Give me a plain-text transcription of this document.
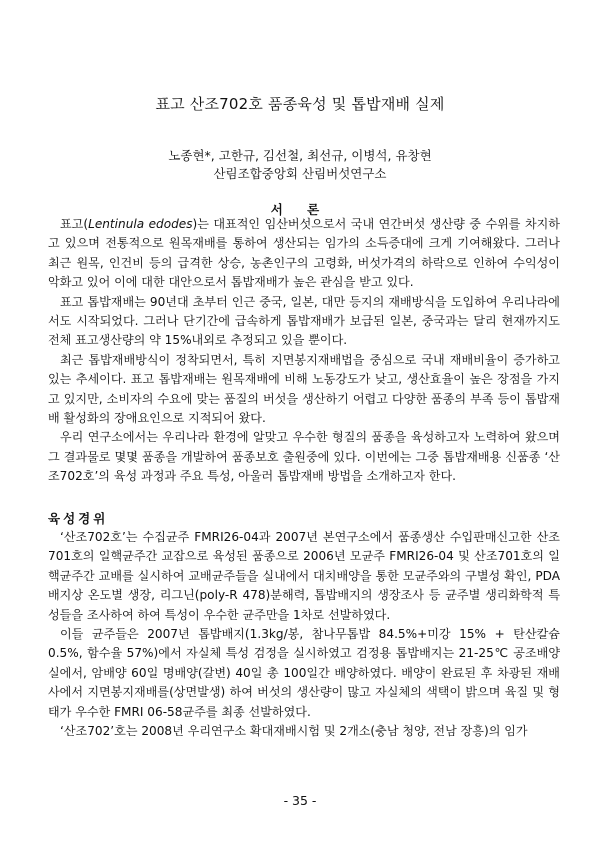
표고 산조702호 품종육성 및 톱밥재배 실제
노종현*, 고한규, 김선철, 최선규, 이병석, 유창현
산림조합중앙회 산림버섯연구소
서 론

표고(Lentinula edodes)는 대표적인 임산버섯으로서 국내 연간버섯 생산량 중 수위를 차지하고 있으며 전통적으로 원목재배를 통하여 생산되는 임가의 소득증대에 크게 기여해왔다. 그러나 최근 원목, 인건비 등의 급격한 상승, 농촌인구의 고령화, 버섯가격의 하락으로 인하여 수익성이 악화고 있어 이에 대한 대안으로서 톱밥재배가 높은 관심을 받고 있다.

표고 톱밥재배는 90년대 초부터 인근 중국, 일본, 대만 등지의 재배방식을 도입하여 우리나라에서도 시작되었다. 그러나 단기간에 급속하게 톱밥재배가 보급된 일본, 중국과는 달리 현재까지도 전체 표고생산량의 약 15%내외로 추정되고 있을 뿐이다.

최근 톱밥재배방식이 정착되면서, 특히 지면봉지재배법을 중심으로 국내 재배비율이 증가하고 있는 추세이다. 표고 톱밥재배는 원목재배에 비해 노동강도가 낮고, 생산효율이 높은 장점을 가지고 있지만, 소비자의 수요에 맞는 품질의 버섯을 생산하기 어렵고 다양한 품종의 부족 등이 톱밥재배 활성화의 장애요인으로 지적되어 왔다.

우리 연구소에서는 우리나라 환경에 알맞고 우수한 형질의 품종을 육성하고자 노력하여 왔으며 그 결과물로 몇몇 품종을 개발하여 품종보호 출원중에 있다. 이번에는 그중 톱밥재배용 신품종 ‘산조702호’의 육성 과정과 주요 특성, 아울러 톱밥재배 방법을 소개하고자 한다.

육성경위

‘산조702호’는 수집균주 FMRI26-04과 2007년 본연구소에서 품종생산 수입판매신고한 산조701호의 일핵균주간 교잡으로 육성된 품종으로 2006년 모균주 FMRI26-04 및 산조701호의 일핵균주간 교배를 실시하여 교배균주들을 실내에서 대치배양을 통한 모균주와의 구별성 확인, PDA배지상 온도별 생장, 리그닌(poly-R 478)분해력, 톱밥배지의 생장조사 등 균주별 생리화학적 특성들을 조사하여 하여 특성이 우수한 균주만을 1차로 선발하였다.

이들 균주들은 2007년 톱밥배지(1.3kg/봉, 참나무톱밥 84.5%+미강 15% + 탄산칼슘 0.5%, 함수율 57%)에서 자실체 특성 검정을 실시하였고 검정용 톱밥배지는 21-25℃ 공조배양실에서, 암배양 60일 명배양(갈변) 40일 총 100일간 배양하였다. 배양이 완료된 후 차광된 재배사에서 지면봉지재배를(상면발생) 하여 버섯의 생산량이 많고 자실체의 색택이 밝으며 육질 및 형태가 우수한 FMRI 06-58균주를 최종 선발하였다.

‘산조702’호는 2008년 우리연구소 확대재배시험 및 2개소(충남 청양, 전남 장흥)의 임가

- 35 -
